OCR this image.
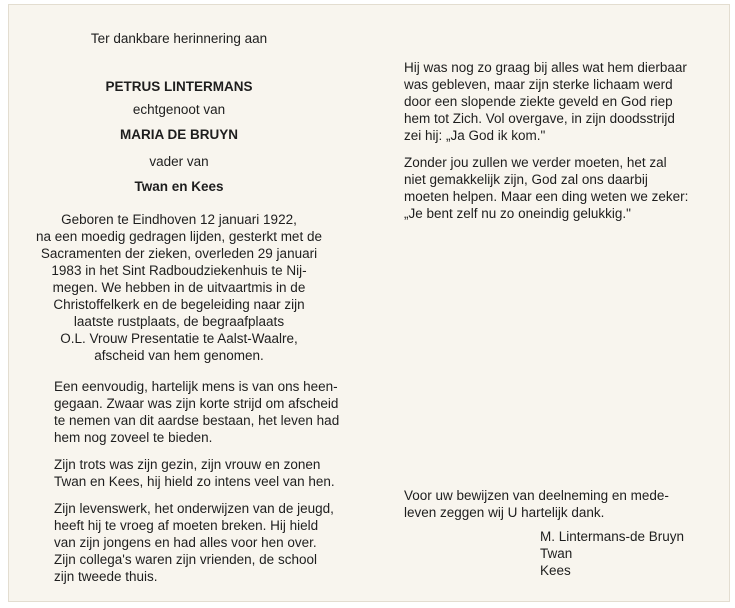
Ter dankbare herinnering aan

PETRUS LINTERMANS

echtgenoot van

MARIA DE BRUYN

vader van

Twan en Kees

Geboren te Eindhoven 12 januari 1922,

na een moedig gedragen lijden, gesterkt met de

Sacramenten der zieken, overleden 29 januari

1983 in het Sint Radboudziekenhuis te Nij-

megen. We hebben in de uitvaartmis in de

Christoffelkerk en de begeleiding naar zijn

laatste rustplaats, de begraafplaats

O.L. Vrouw Presentatie te Aalst-Waalre,

afscheid van hem genomen.

Een eenvoudig, hartelijk mens is van ons heen-

gegaan. Zwaar was zijn korte strijd om afscheid

te nemen van dit aardse bestaan, het leven had

hem nog zoveel te bieden.

Zijn trots was zijn gezin, zijn vrouw en zonen

Twan en Kees, hij hield zo intens veel van hen.

Zijn levenswerk, het onderwijzen van de jeugd,

heeft hij te vroeg af moeten breken. Hij hield

van zijn jongens en had alles voor hen over.

Zijn collega's waren zijn vrienden, de school

zijn tweede thuis.

Hij was nog zo graag bij alles wat hem dierbaar

was gebleven, maar zijn sterke lichaam werd

door een slopende ziekte geveld en God riep

hem tot Zich. Vol overgave, in zijn doodsstrijd

zei hij: „Ja God ik kom."

Zonder jou zullen we verder moeten, het zal

niet gemakkelijk zijn, God zal ons daarbij

moeten helpen. Maar een ding weten we zeker:

„Je bent zelf nu zo oneindig gelukkig."

Voor uw bewijzen van deelneming en mede-

leven zeggen wij U hartelijk dank.

M. Lintermans-de Bruyn

Twan

Kees
